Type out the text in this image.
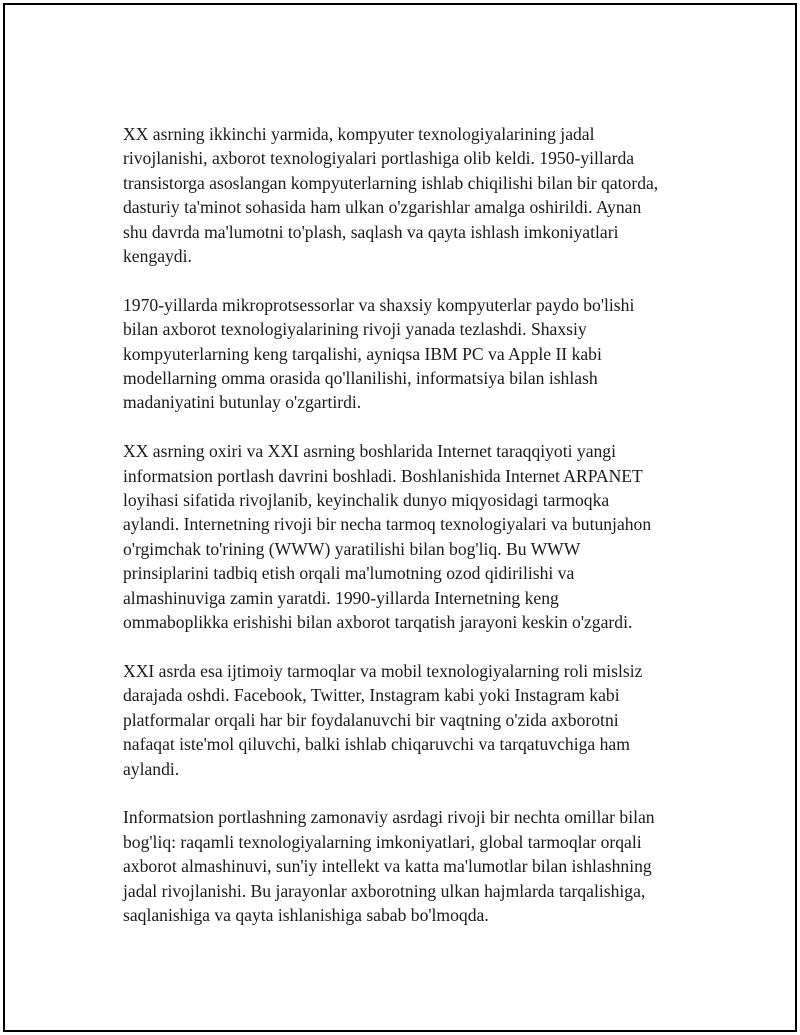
XX asrning ikkinchi yarmida, kompyuter texnologiyalarining jadal
rivojlanishi, axborot texnologiyalari portlashiga olib keldi. 1950-yillarda
transistorga asoslangan kompyuterlarning ishlab chiqilishi bilan bir qatorda,
dasturiy ta'minot sohasida ham ulkan o'zgarishlar amalga oshirildi. Aynan
shu davrda ma'lumotni to'plash, saqlash va qayta ishlash imkoniyatlari
kengaydi.

1970-yillarda mikroprotsessorlar va shaxsiy kompyuterlar paydo bo'lishi
bilan axborot texnologiyalarining rivoji yanada tezlashdi. Shaxsiy
kompyuterlarning keng tarqalishi, ayniqsa IBM PC va Apple II kabi
modellarning omma orasida qo'llanilishi, informatsiya bilan ishlash
madaniyatini butunlay o'zgartirdi.

XX asrning oxiri va XXI asrning boshlarida Internet taraqqiyoti yangi
informatsion portlash davrini boshladi. Boshlanishida Internet ARPANET
loyihasi sifatida rivojlanib, keyinchalik dunyo miqyosidagi tarmoqka
aylandi. Internetning rivoji bir necha tarmoq texnologiyalari va butunjahon
o'rgimchak to'rining (WWW) yaratilishi bilan bog'liq. Bu WWW
prinsiplarini tadbiq etish orqali ma'lumotning ozod qidirilishi va
almashinuviga zamin yaratdi. 1990-yillarda Internetning keng
ommaboplikka erishishi bilan axborot tarqatish jarayoni keskin o'zgardi.

XXI asrda esa ijtimoiy tarmoqlar va mobil texnologiyalarning roli mislsiz
darajada oshdi. Facebook, Twitter, Instagram kabi yoki Instagram kabi
platformalar orqali har bir foydalanuvchi bir vaqtning o'zida axborotni
nafaqat iste'mol qiluvchi, balki ishlab chiqaruvchi va tarqatuvchiga ham
aylandi.

Informatsion portlashning zamonaviy asrdagi rivoji bir nechta omillar bilan
bog'liq: raqamli texnologiyalarning imkoniyatlari, global tarmoqlar orqali
axborot almashinuvi, sun'iy intellekt va katta ma'lumotlar bilan ishlashning
jadal rivojlanishi. Bu jarayonlar axborotning ulkan hajmlarda tarqalishiga,
saqlanishiga va qayta ishlanishiga sabab bo'lmoqda.
